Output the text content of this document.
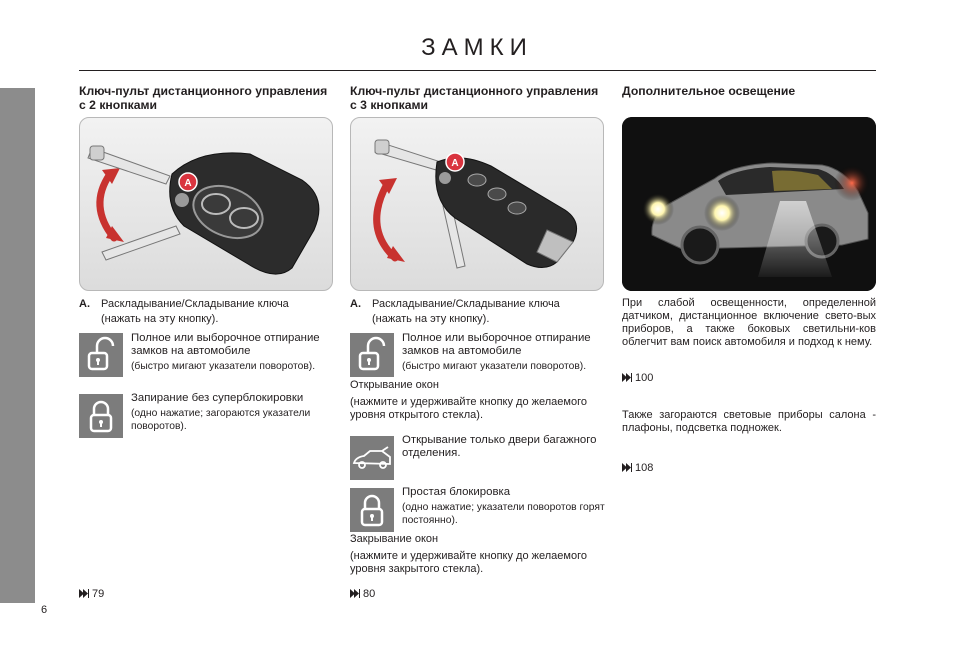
6
ЗАМКИ
Ключ-пульт дистанционного управления с 2 кнопками
A
A. Раскладывание/Складывание ключа
(нажать на эту кнопку).
Полное или выборочное отпирание замков на автомобиле
(быстро мигают указатели поворотов).
Запирание без суперблокировки
(одно нажатие; загораются указатели поворотов).
79
Ключ-пульт дистанционного управления с 3 кнопками
A
A. Раскладывание/Складывание ключа
(нажать на эту кнопку).
Полное или выборочное отпирание замков на автомобиле
(быстро мигают указатели поворотов).
Открывание окон
(нажмите и удерживайте кнопку до желаемого уровня открытого стекла).
Открывание только двери багажного отделения.
Простая блокировка
(одно нажатие; указатели поворотов горят постоянно).
Закрывание окон
(нажмите и удерживайте кнопку до желаемого уровня закрытого стекла).
80
Дополнительное освещение
При слабой освещенности, определенной датчиком, дистанционное включение свето-вых приборов, а также боковых светильни-ков облегчит вам поиск автомобиля и подход к нему.
100
Также загораются световые приборы салона - плафоны, подсветка подножек.
108
